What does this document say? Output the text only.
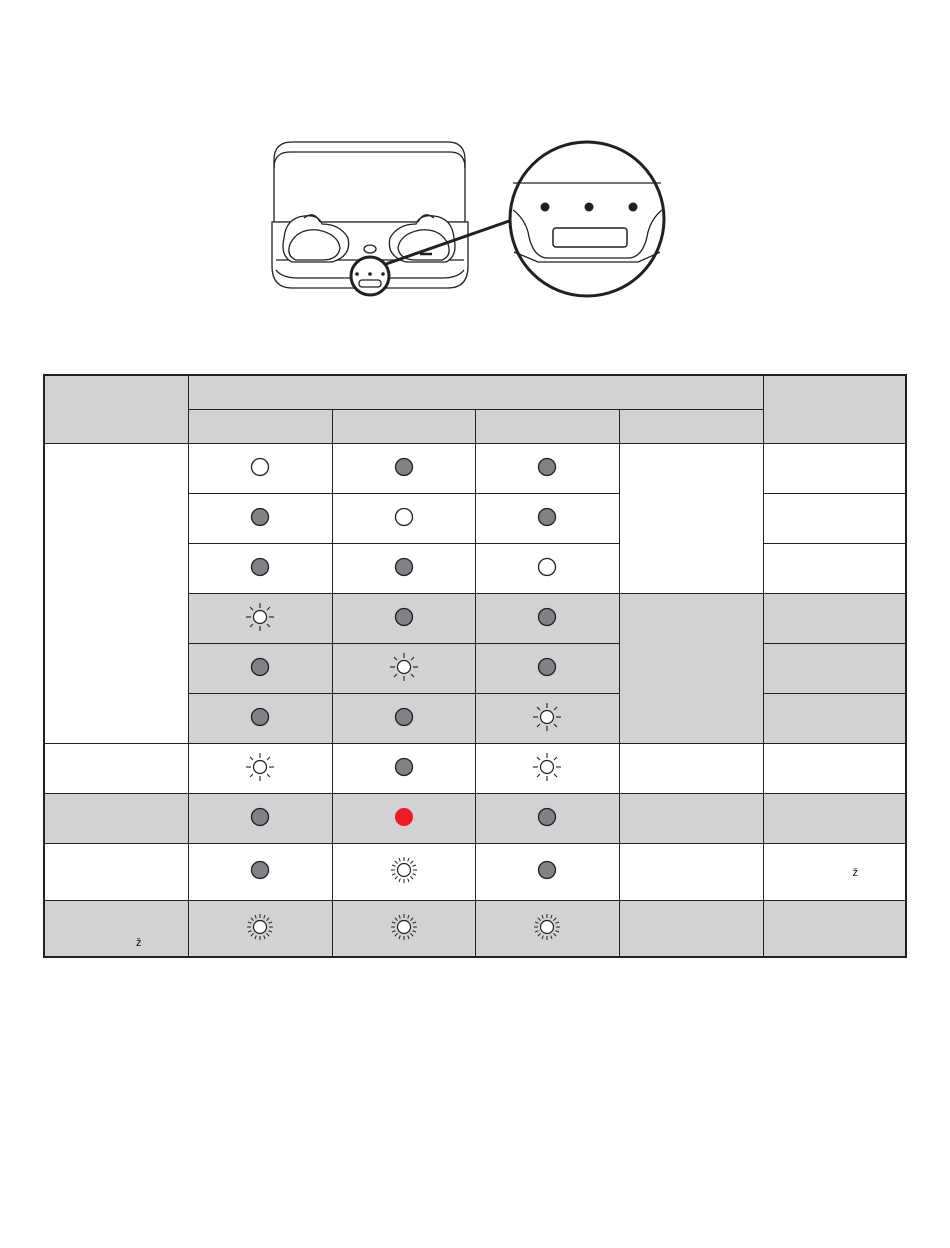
					ž

ž
